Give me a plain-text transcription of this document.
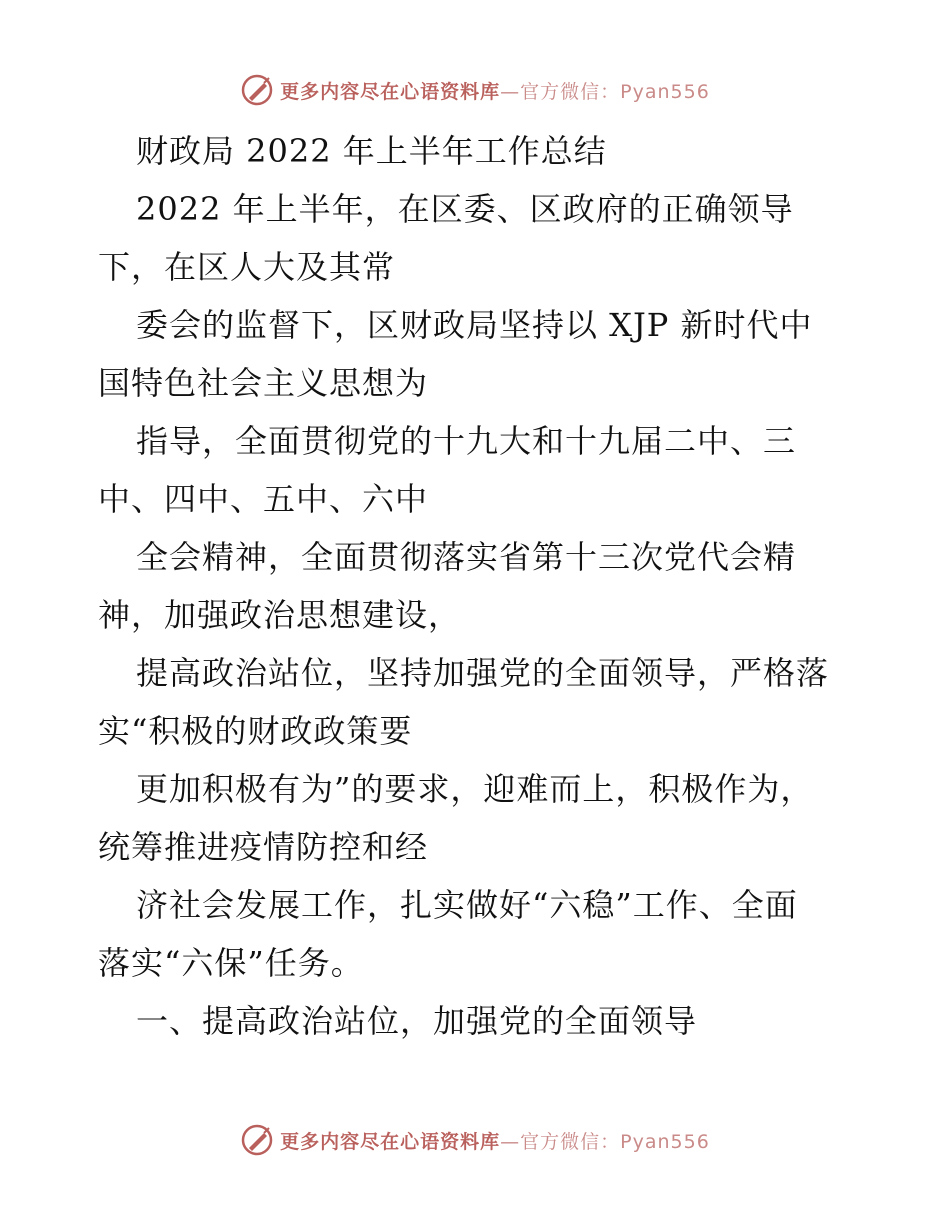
更多内容尽在心语资料库—官方微信：Pyan556
财政局 2022 年上半年工作总结
2022 年上半年，在区委、区政府的正确领导
下，在区人大及其常
委会的监督下，区财政局坚持以 XJP 新时代中
国特色社会主义思想为
指导，全面贯彻党的十九大和十九届二中、三
中、四中、五中、六中
全会精神，全面贯彻落实省第十三次党代会精
神，加强政治思想建设，
提高政治站位，坚持加强党的全面领导，严格落
实“积极的财政政策要
更加积极有为”的要求，迎难而上，积极作为，
统筹推进疫情防控和经
济社会发展工作，扎实做好“六稳”工作、全面
落实“六保”任务。
一、提高政治站位，加强党的全面领导
更多内容尽在心语资料库—官方微信：Pyan556
